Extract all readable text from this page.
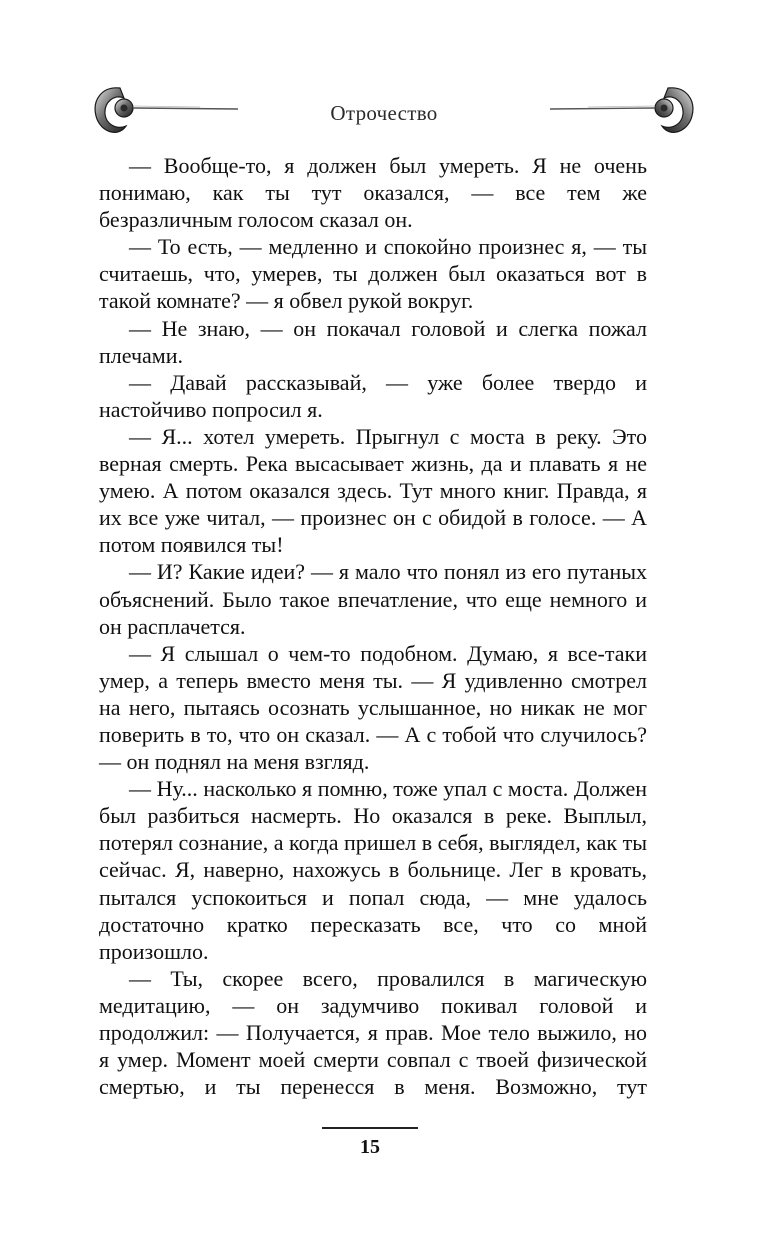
Отрочество

— Вообще-то, я должен был умереть. Я не очень понимаю, как ты тут оказался, — все тем же безразличным голосом сказал он.

— То есть, — медленно и спокойно произнес я, — ты считаешь, что, умерев, ты должен был оказаться вот в такой комнате? — я обвел рукой вокруг.

— Не знаю, — он покачал головой и слегка пожал плечами.

— Давай рассказывай, — уже более твердо и настойчиво попросил я.

— Я... хотел умереть. Прыгнул с моста в реку. Это верная смерть. Река высасывает жизнь, да и плавать я не умею. А потом оказался здесь. Тут много книг. Правда, я их все уже читал, — произнес он с обидой в голосе. — А потом появился ты!

— И? Какие идеи? — я мало что понял из его путаных объяснений. Было такое впечатление, что еще немного и он расплачется.

— Я слышал о чем-то подобном. Думаю, я все-таки умер, а теперь вместо меня ты. — Я удивленно смотрел на него, пытаясь осознать услышанное, но никак не мог поверить в то, что он сказал. — А с тобой что случилось? — он поднял на меня взгляд.

— Ну... насколько я помню, тоже упал с моста. Должен был разбиться насмерть. Но оказался в реке. Выплыл, потерял сознание, а когда пришел в себя, выглядел, как ты сейчас. Я, наверно, нахожусь в больнице. Лег в кровать, пытался успокоиться и попал сюда, — мне удалось достаточно кратко пересказать все, что со мной произошло.

— Ты, скорее всего, провалился в магическую медитацию, — он задумчиво покивал головой и продолжил: — Получается, я прав. Мое тело выжило, но я умер. Момент моей смерти совпал с твоей физической смертью, и ты перенесся в меня. Возможно, тут

15
